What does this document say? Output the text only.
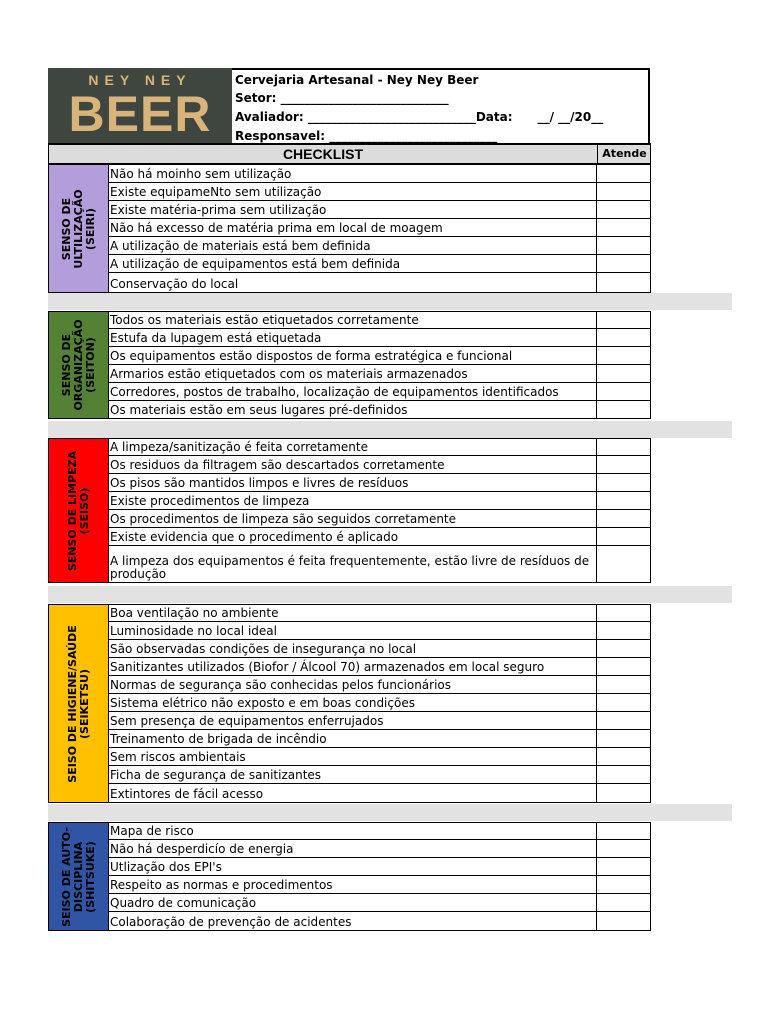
NEY NEY
BEER
Cervejaria Artesanal - Ney Ney Beer
Setor: ____________________________
Avaliador: ____________________________Data:      __/ __/20__
Responsavel: ____________________________
CHECKLIST	Atende
SENSO DE
ULTILIZAÇÃO (SEIRI)
Não há moinho sem utilização
Existe equipameNto sem utilização
Existe matéria-prima sem utilização
Não há excesso de matéria prima em local de moagem
A utilização de materiais está bem definida
A utilização de equipamentos está bem definida
Conservação do local
SENSO DE
ORGANIZAÇÃO
(SEITON)
Todos os materiais estão etiquetados corretamente
Estufa da lupagem está etiquetada
Os equipamentos estão dispostos de forma estratégica e funcional
Armarios estão etiquetados com os materiais armazenados
Corredores, postos de trabalho, localização de equipamentos identificados
Os materiais estão em seus lugares pré-definidos
SENSO DE LIMPEZA
(SEISO)
A limpeza/sanitização é feita corretamente
Os residuos da filtragem são descartados corretamente
Os pisos são mantidos limpos e livres de resíduos
Existe procedimentos de limpeza
Os procedimentos de limpeza são seguidos corretamente
Existe evidencia que o procedimento é aplicado
A limpeza dos equipamentos é feita frequentemente, estão livre de resíduos de produção
SEISO DE HIGIENE/SAÚDE
(SEIKETSU)
Boa ventilação no ambiente
Luminosidade no local ideal
São observadas condições de insegurança no local
Sanitizantes utilizados (Biofor / Álcool 70) armazenados em local seguro
Normas de segurança são conhecidas pelos funcionários
Sistema elétrico não exposto e em boas condições
Sem presença de equipamentos enferrujados
Treinamento de brigada de incêndio
Sem riscos ambientais
Ficha de segurança de sanitizantes
Extintores de fácil acesso
SEISO DE AUTO-
DISCIPLINA
(SHITSUKE)
Mapa de risco
Não há desperdicío de energia
Utlização dos EPI's
Respeito as normas e procedimentos
Quadro de comunicação
Colaboração de prevenção de acidentes
